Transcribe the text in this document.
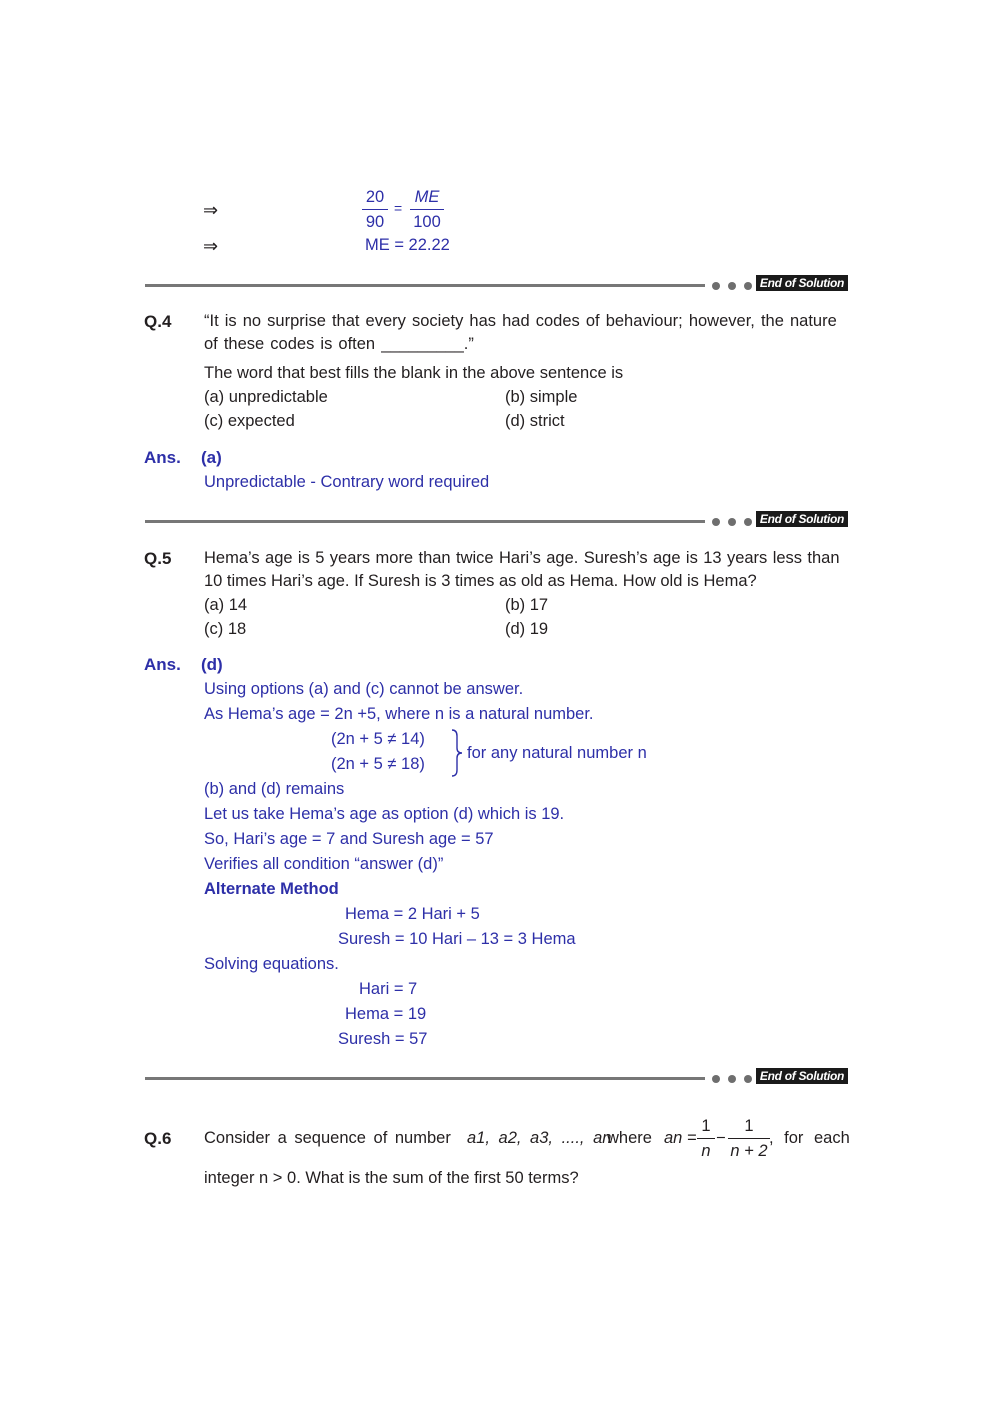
⇒	$\frac{20}{90} = \frac{ME}{100}$
⇒	ME = 22.22
End of Solution
Q.4 “It is no surprise that every society has had codes of behaviour; however, the nature
of these codes is often _________.”
The word that best fills the blank in the above sentence is
(a) unpredictable	(b) simple
(c) expected	(d) strict
Ans. (a)
Unpredictable - Contrary word required
End of Solution
Q.5 Hema’s age is 5 years more than twice Hari’s age. Suresh’s age is 13 years less than
10 times Hari’s age. If Suresh is 3 times as old as Hema. How old is Hema?
(a) 14	(b) 17
(c) 18	(d) 19
Ans. (d)
Using options (a) and (c) cannot be answer.
As Hema’s age = 2n +5, where n is a natural number.
(2n + 5 ≠ 14)
(2n + 5 ≠ 18)
for any natural number n
(b) and (d) remains
Let us take Hema’s age as option (d) which is 19.
So, Hari’s age = 7 and Suresh age = 57
Verifies all condition “answer (d)”
Alternate Method
Hema = 2 Hari + 5
Suresh = 10 Hari – 13 = 3 Hema
Solving equations.
Hari = 7
Hema = 19
Suresh = 57
End of Solution
Q.6 Consider a sequence of number a1, a2, a3, ...., an
where an = $\frac{1}{n} - \frac{1}{n + 2}$ , for each
integer n > 0. What is the sum of the first 50 terms?
